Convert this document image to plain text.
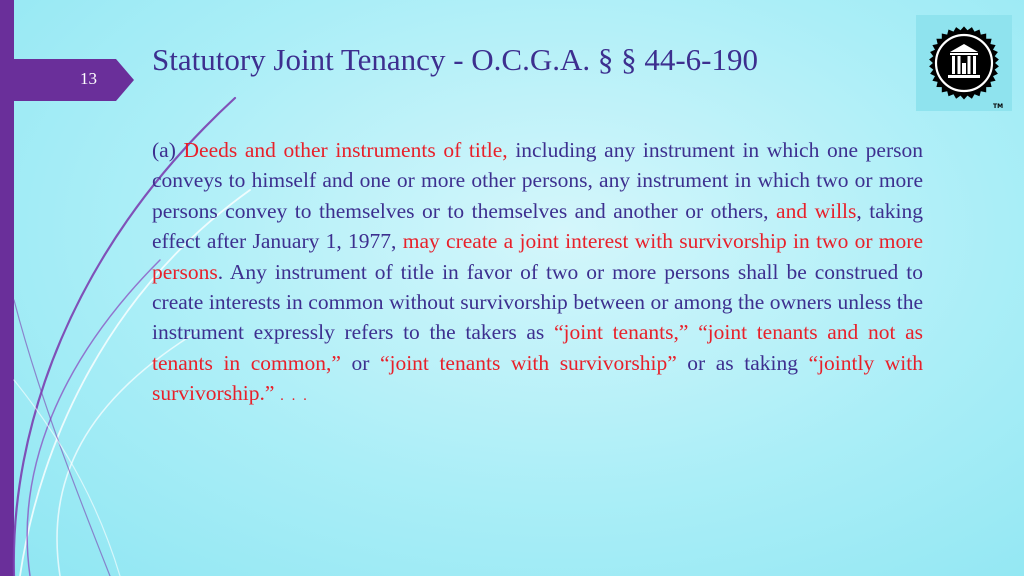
13
Statutory Joint Tenancy - O.C.G.A. § § 44-6-190
TM

(a) Deeds and other instruments of title, including any instrument in which one person conveys to himself and one or more other persons, any instrument in which two or more persons convey to themselves or to themselves and another or others, and wills, taking effect after January 1, 1977, may create a joint interest with survivorship in two or more persons. Any instrument of title in favor of two or more persons shall be construed to create interests in common without survivorship between or among the owners unless the instrument expressly refers to the takers as “joint tenants,” “joint tenants and not as tenants in common,” or “joint tenants with survivorship” or as taking “jointly with survivorship.” . . .
